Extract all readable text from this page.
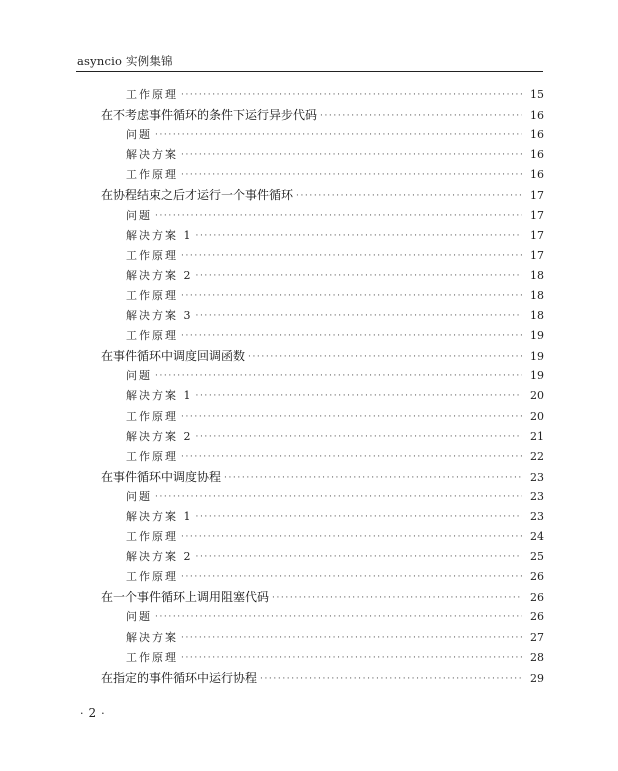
asyncio 实例集锦
工作原理 ·····	15
在不考虑事件循环的条件下运行异步代码 ·····	16
问题 ·····	16
解决方案 ·····	16
工作原理 ·····	16
在协程结束之后才运行一个事件循环 ·····	17
问题 ·····	17
解决方案 1 ·····	17
工作原理 ·····	17
解决方案 2 ·····	18
工作原理 ·····	18
解决方案 3 ·····	18
工作原理 ·····	19
在事件循环中调度回调函数 ·····	19
问题 ·····	19
解决方案 1 ·····	20
工作原理 ·····	20
解决方案 2 ·····	21
工作原理 ·····	22
在事件循环中调度协程 ·····	23
问题 ·····	23
解决方案 1 ·····	23
工作原理 ·····	24
解决方案 2 ·····	25
工作原理 ·····	26
在一个事件循环上调用阻塞代码 ·····	26
问题 ·····	26
解决方案 ·····	27
工作原理 ·····	28
在指定的事件循环中运行协程 ·····	29
· 2 ·
